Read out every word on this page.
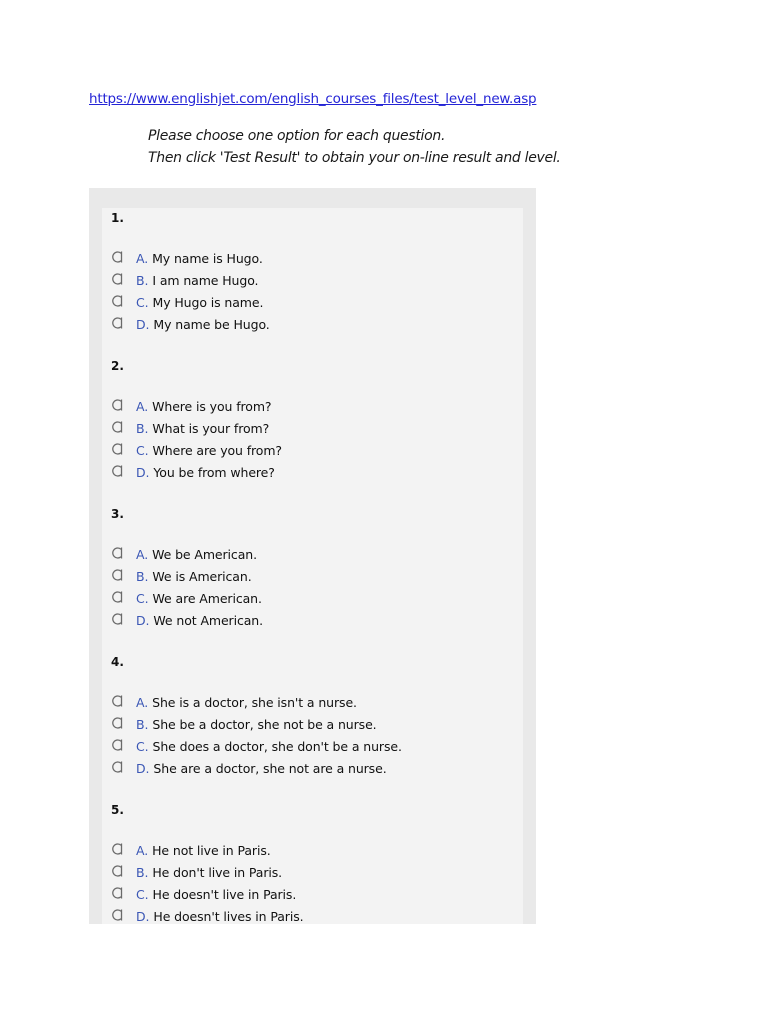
https://www.englishjet.com/english_courses_files/test_level_new.asp
Please choose one option for each question.
Then click 'Test Result' to obtain your on-line result and level.
1.
A. My name is Hugo.
B. I am name Hugo.
C. My Hugo is name.
D. My name be Hugo.
2.
A. Where is you from?
B. What is your from?
C. Where are you from?
D. You be from where?
3.
A. We be American.
B. We is American.
C. We are American.
D. We not American.
4.
A. She is a doctor, she isn't a nurse.
B. She be a doctor, she not be a nurse.
C. She does a doctor, she don't be a nurse.
D. She are a doctor, she not are a nurse.
5.
A. He not live in Paris.
B. He don't live in Paris.
C. He doesn't live in Paris.
D. He doesn't lives in Paris.
